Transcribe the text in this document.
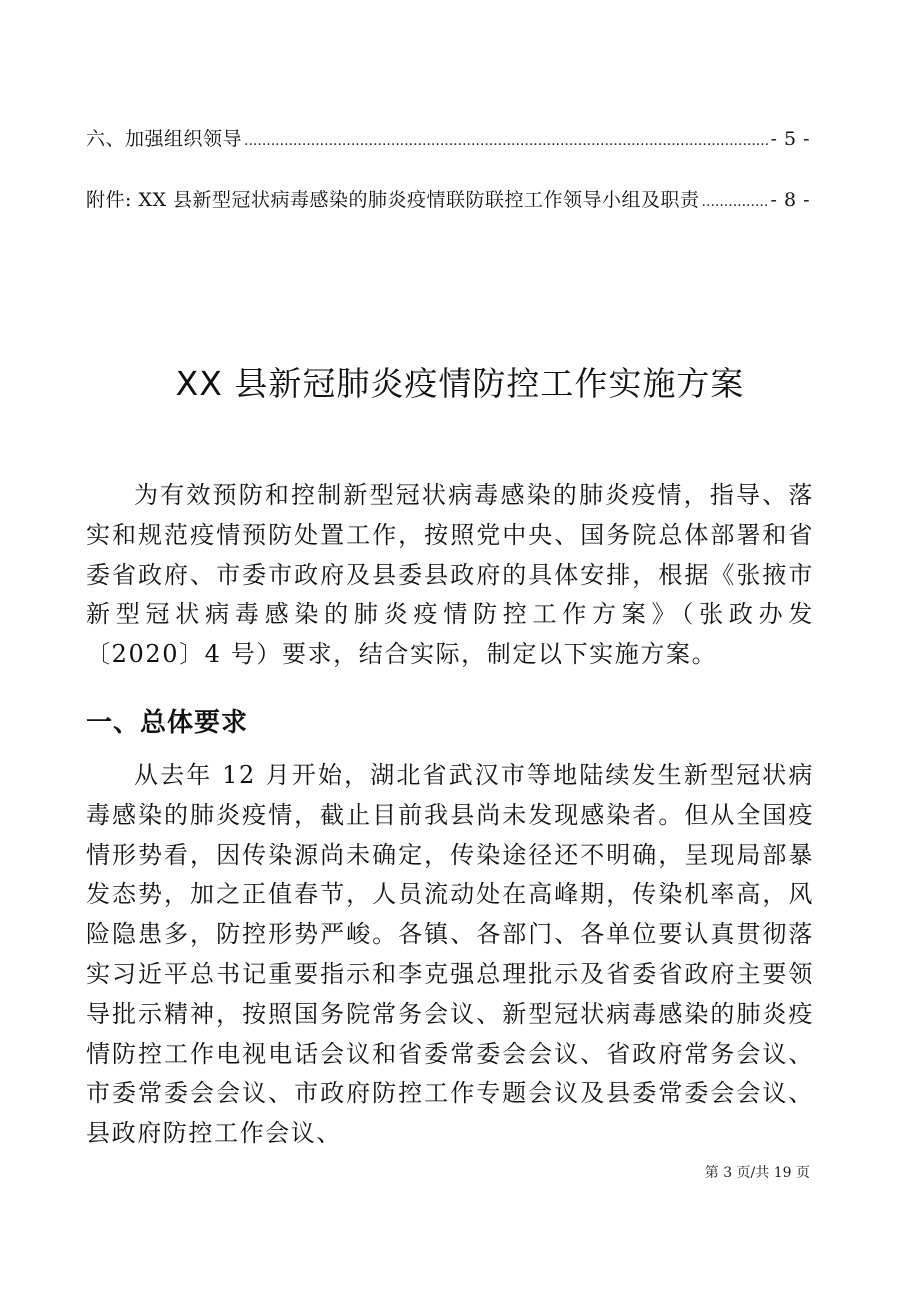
六、加强组织领导 .....	- 5 -
附件: XX 县新型冠状病毒感染的肺炎疫情联防联控工作领导小组及职责 .....	- 8 -
XX 县新冠肺炎疫情防控工作实施方案

为有效预防和控制新型冠状病毒感染的肺炎疫情，指导、落实和规范疫情预防处置工作，按照党中央、国务院总体部署和省委省政府、市委市政府及县委县政府的具体安排，根据《张掖市新型冠状病毒感染的肺炎疫情防控工作方案》（张政办发〔2020〕4 号）要求，结合实际，制定以下实施方案。

一、总体要求

从去年 12 月开始，湖北省武汉市等地陆续发生新型冠状病毒感染的肺炎疫情，截止目前我县尚未发现感染者。但从全国疫情形势看，因传染源尚未确定，传染途径还不明确，呈现局部暴发态势，加之正值春节，人员流动处在高峰期，传染机率高，风险隐患多，防控形势严峻。各镇、各部门、各单位要认真贯彻落实习近平总书记重要指示和李克强总理批示及省委省政府主要领导批示精神，按照国务院常务会议、新型冠状病毒感染的肺炎疫情防控工作电视电话会议和省委常委会会议、省政府常务会议、市委常委会会议、市政府防控工作专题会议及县委常委会会议、县政府防控工作会议、

第 3 页/共 19 页
